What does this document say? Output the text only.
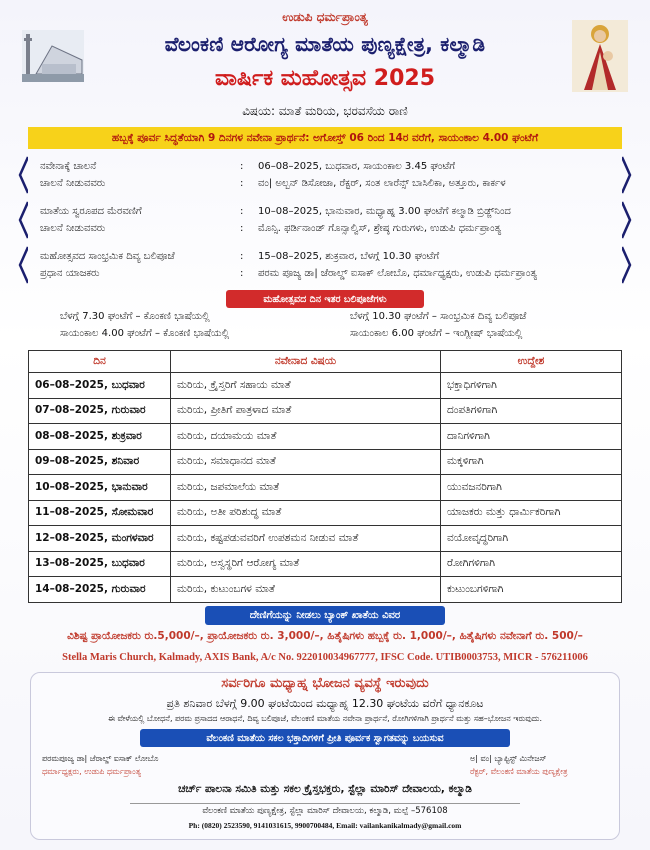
ಉಡುಪಿ ಧರ್ಮಪ್ರಾಂತ್ಯ
ವೆಲಂಕಣಿ ಆರೋಗ್ಯ ಮಾತೆಯ ಪುಣ್ಯಕ್ಷೇತ್ರ, ಕಲ್ಮಾಡಿ
ವಾರ್ಷಿಕ ಮಹೋತ್ಸವ 2025
ವಿಷಯ: ಮಾತೆ ಮರಿಯ, ಭರವಸೆಯ ರಾಣಿ
ಹಬ್ಬಕ್ಕೆ ಪೂರ್ವ ಸಿದ್ಧತೆಯಾಗಿ 9 ದಿನಗಳ ನವೇನಾ ಪ್ರಾರ್ಥನೆ: ಅಗೋಸ್ತ್ 06 ರಿಂದ 14ರ ವರೆಗೆ, ಸಾಯಂಕಾಲ 4.00 ಘಂಟೆಗೆ
ನವೇನಾಕ್ಕೆ ಚಾಲನೆ	:	06–08–2025, ಬುಧವಾರ, ಸಾಯಂಕಾಲ 3.45 ಘಂಟೆಗೆ
ಚಾಲನೆ ನೀಡುವವರು	:	ವಂ| ಅಲ್ಬನ್ ಡಿಸೋಜಾ, ರೆಕ್ಟರ್, ಸಂತ ಲಾರೆನ್ಸ್ ಬಾಸಿಲಿಕಾ, ಅತ್ತೂರು, ಕಾರ್ಕಳ
ಮಾತೆಯ ಸ್ವರೂಪದ ಮೆರವಣಿಗೆ	:	10–08–2025, ಭಾನುವಾರ, ಮಧ್ಯಾಹ್ನ 3.00 ಘಂಟೆಗೆ ಕಲ್ಮಾಡಿ ಬ್ರಿಡ್ಜ್‌ನಿಂದ
ಚಾಲನೆ ನೀಡುವವರು	:	ಮೊನ್ಸಿ. ಫರ್ಡಿನಾಂಡ್ ಗೊನ್ಸಾಲ್ವಿಸ್, ಶ್ರೇಷ್ಠ ಗುರುಗಳು, ಉಡುಪಿ ಧರ್ಮಪ್ರಾಂತ್ಯ
ಮಹೋತ್ಸವದ ಸಾಂಭ್ರಮಿಕ ದಿವ್ಯ ಬಲಿಪೂಜೆ	:	15–08–2025, ಶುಕ್ರವಾರ, ಬೆಳಗ್ಗೆ 10.30 ಘಂಟೆಗೆ
ಪ್ರಧಾನ ಯಾಜಕರು	:	ಪರಮ ಪೂಜ್ಯ ಡಾ| ಜೆರಾಲ್ಡ್ ಐಸಾಕ್ ಲೋಬೊ, ಧರ್ಮಾಧ್ಯಕ್ಷರು, ಉಡುಪಿ ಧರ್ಮಪ್ರಾಂತ್ಯ
ಮಹೋತ್ಸವದ ದಿನ ಇತರ ಬಲಿಪೂಜೆಗಳು
ಬೆಳಗ್ಗೆ 7.30 ಘಂಟೆಗೆ – ಕೊಂಕಣಿ ಭಾಷೆಯಲ್ಲಿ	ಬೆಳಗ್ಗೆ 10.30 ಘಂಟೆಗೆ – ಸಾಂಭ್ರಮಿಕ ದಿವ್ಯ ಬಲಿಪೂಜೆ
ಸಾಯಂಕಾಲ 4.00 ಘಂಟೆಗೆ – ಕೊಂಕಣಿ ಭಾಷೆಯಲ್ಲಿ	ಸಾಯಂಕಾಲ 6.00 ಘಂಟೆಗೆ – ಇಂಗ್ಲೀಷ್ ಭಾಷೆಯಲ್ಲಿ
ದಿನ	ನವೇನಾದ ವಿಷಯ	ಉದ್ದೇಶ
06–08–2025, ಬುಧವಾರ	ಮರಿಯ, ಕ್ರೈಸ್ತರಿಗೆ ಸಹಾಯ ಮಾತೆ	ಭಕ್ತಾಧಿಗಳಿಗಾಗಿ
07–08–2025, ಗುರುವಾರ	ಮರಿಯ, ಪ್ರೀತಿಗೆ ಪಾತ್ರಳಾದ ಮಾತೆ	ದಂಪತಿಗಳಿಗಾಗಿ
08–08–2025, ಶುಕ್ರವಾರ	ಮರಿಯ, ದಯಾಮಯ ಮಾತೆ	ದಾನಿಗಳಿಗಾಗಿ
09–08–2025, ಶನಿವಾರ	ಮರಿಯ, ಸಮಾಧಾನದ ಮಾತೆ	ಮಕ್ಕಳಿಗಾಗಿ
10–08–2025, ಭಾನುವಾರ	ಮರಿಯ, ಜಪಮಾಲೆಯ ಮಾತೆ	ಯುವಜನರಿಗಾಗಿ
11–08–2025, ಸೋಮವಾರ	ಮರಿಯ, ಅತೀ ಪರಿಶುದ್ಧ ಮಾತೆ	ಯಾಜಕರು ಮತ್ತು ಧಾರ್ಮಿಕರಿಗಾಗಿ
12–08–2025, ಮಂಗಳವಾರ	ಮರಿಯ, ಕಷ್ಟಪಡುವವರಿಗೆ ಉಪಶಮನ ನೀಡುವ ಮಾತೆ	ವಯೋವೃದ್ಧರಿಗಾಗಿ
13–08–2025, ಬುಧವಾರ	ಮರಿಯ, ಅಸ್ವಸ್ಥರಿಗೆ ಆರೋಗ್ಯ ಮಾತೆ	ರೋಗಿಗಳಿಗಾಗಿ
14–08–2025, ಗುರುವಾರ	ಮರಿಯ, ಕುಟುಂಬಗಳ ಮಾತೆ	ಕುಟುಂಬಗಳಿಗಾಗಿ
ದೇಣಿಗೆಯನ್ನು ನೀಡಲು ಬ್ಯಾಂಕ್ ಖಾತೆಯ ವಿವರ
ವಿಶಿಷ್ಟ ಪ್ರಾಯೋಜಕರು ರು.5,000/–, ಪ್ರಾಯೋಜಕರು ರು. 3,000/–, ಹಿತೈಷಿಗಳು ಹಬ್ಬಕ್ಕೆ ರು. 1,000/–, ಹಿತೈಷಿಗಳು ನವೇನಾಗೆ ರು. 500/–
Stella Maris Church, Kalmady, AXIS Bank, A/c No. 922010034967777, IFSC Code. UTIB0003753, MICR - 576211006
ಸರ್ವರಿಗೂ ಮಧ್ಯಾಹ್ನ ಭೋಜನ ವ್ಯವಸ್ಥೆ ಇರುವುದು
ಪ್ರತಿ ಶನಿವಾರ ಬೆಳಗ್ಗೆ 9.00 ಘಂಟೆಯಿಂದ ಮಧ್ಯಾಹ್ನ 12.30 ಘಂಟೆಯ ವರೆಗೆ ಧ್ಯಾನಕೂಟ
ಈ ವೇಳೆಯಲ್ಲಿ ಬೋಧನೆ, ಪರಮ ಪ್ರಸಾದದ ಆರಾಧನೆ, ದಿವ್ಯ ಬಲಿಪೂಜೆ, ವೆಲಂಕಣಿ ಮಾತೆಯ ನವೇನಾ ಪ್ರಾರ್ಥನೆ, ರೋಗಿಗಳಿಗಾಗಿ ಪ್ರಾರ್ಥನೆ ಮತ್ತು ಸಹ–ಭೋಜನ ಇರುವುದು.
ವೆಲಂಕಣಿ ಮಾತೆಯ ಸಕಲ ಭಕ್ತಾದಿಗಳಿಗೆ ಪ್ರೀತಿ ಪೂರ್ವಕ ಸ್ವಾಗತವನ್ನು ಬಯಸುವ
ಪರಮಪೂಜ್ಯ ಡಾ| ಜೆರಾಲ್ಡ್ ಐಸಾಕ್ ಲೋಬೊ
ಧರ್ಮಾಧ್ಯಕ್ಷರು, ಉಡುಪಿ ಧರ್ಮಪ್ರಾಂತ್ಯ
ಅ| ವಂ| ಬ್ಯಾಪ್ಟಿಸ್ಟ್ ಮಿನೇಜಸ್
ರೆಕ್ಟರ್, ವೆಲಂಕಣಿ ಮಾತೆಯ ಪುಣ್ಯಕ್ಷೇತ್ರ
ಚರ್ಚ್ ಪಾಲನಾ ಸಮಿತಿ ಮತ್ತು ಸಕಲ ಕ್ರೈಸ್ತಭಕ್ತರು, ಸ್ಟೆಲ್ಲಾ ಮಾರಿಸ್ ದೇವಾಲಯ, ಕಲ್ಮಾಡಿ
ವೆಲಂಕಣಿ ಮಾತೆಯ ಪುಣ್ಯಕ್ಷೇತ್ರ, ಸ್ಟೆಲ್ಲಾ ಮಾರಿಸ್ ದೇವಾಲಯ, ಕಲ್ಮಾಡಿ, ಮಲ್ಪೆ –576108
Ph: (0820) 2523590, 9141031615, 9900700484, Email: vailankanikalmady@gmail.com
